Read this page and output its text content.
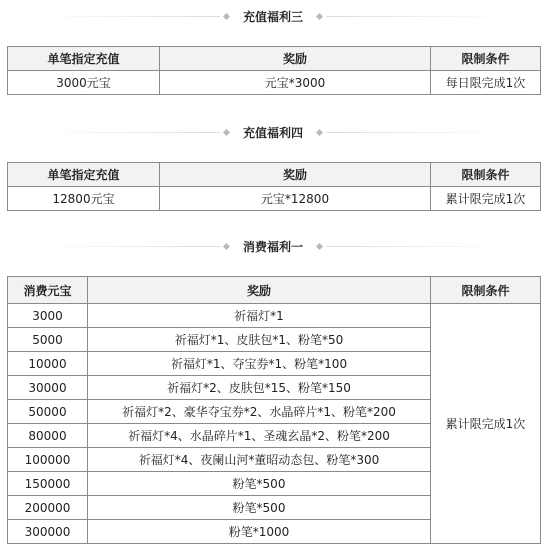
充值福利三
单笔指定充值	奖励	限制条件
3000元宝	元宝*3000	每日限完成1次
充值福利四
单笔指定充值	奖励	限制条件
12800元宝	元宝*12800	累计限完成1次
消费福利一
消费元宝	奖励	限制条件
3000	祈福灯*1	累计限完成1次
5000	祈福灯*1、皮肤包*1、粉笔*50	
10000	祈福灯*1、夺宝券*1、粉笔*100	
30000	祈福灯*2、皮肤包*15、粉笔*150	
50000	祈福灯*2、豪华夺宝券*2、水晶碎片*1、粉笔*200	
80000	祈福灯*4、水晶碎片*1、圣魂玄晶*2、粉笔*200	
100000	祈福灯*4、夜阑山河*董昭动态包、粉笔*300	
150000	粉笔*500	
200000	粉笔*500	
300000	粉笔*1000	
